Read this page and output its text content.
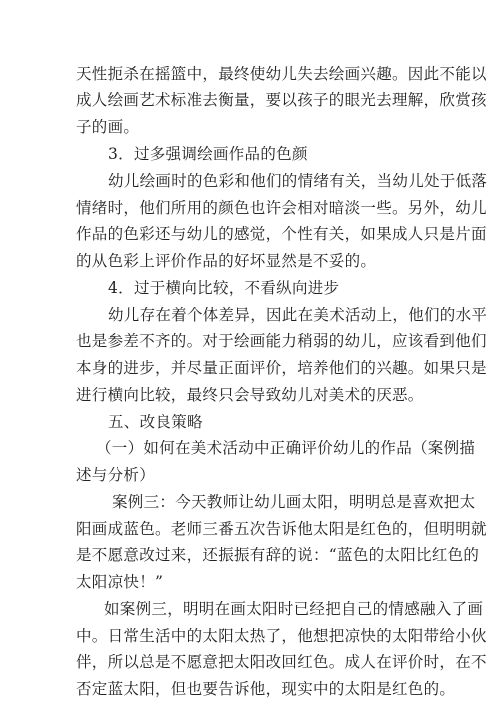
天性扼杀在摇篮中，最终使幼儿失去绘画兴趣。因此不能以
成人绘画艺术标准去衡量，要以孩子的眼光去理解，欣赏孩
子的画。
3．过多强调绘画作品的色颜
幼儿绘画时的色彩和他们的情绪有关，当幼儿处于低落
情绪时，他们所用的颜色也许会相对暗淡一些。另外，幼儿
作品的色彩还与幼儿的感觉，个性有关，如果成人只是片面
的从色彩上评价作品的好坏显然是不妥的。
4．过于横向比较，不看纵向进步
幼儿存在着个体差异，因此在美术活动上，他们的水平
也是参差不齐的。对于绘画能力稍弱的幼儿，应该看到他们
本身的进步，并尽量正面评价，培养他们的兴趣。如果只是
进行横向比较，最终只会导致幼儿对美术的厌恶。
五、改良策略
（一）如何在美术活动中正确评价幼儿的作品（案例描
述与分析）
案例三：今天教师让幼儿画太阳，明明总是喜欢把太
阳画成蓝色。老师三番五次告诉他太阳是红色的，但明明就
是不愿意改过来，还振振有辞的说：“蓝色的太阳比红色的
太阳凉快！”
如案例三，明明在画太阳时已经把自己的情感融入了画
中。日常生活中的太阳太热了，他想把凉快的太阳带给小伙
伴，所以总是不愿意把太阳改回红色。成人在评价时，在不
否定蓝太阳，但也要告诉他，现实中的太阳是红色的。
